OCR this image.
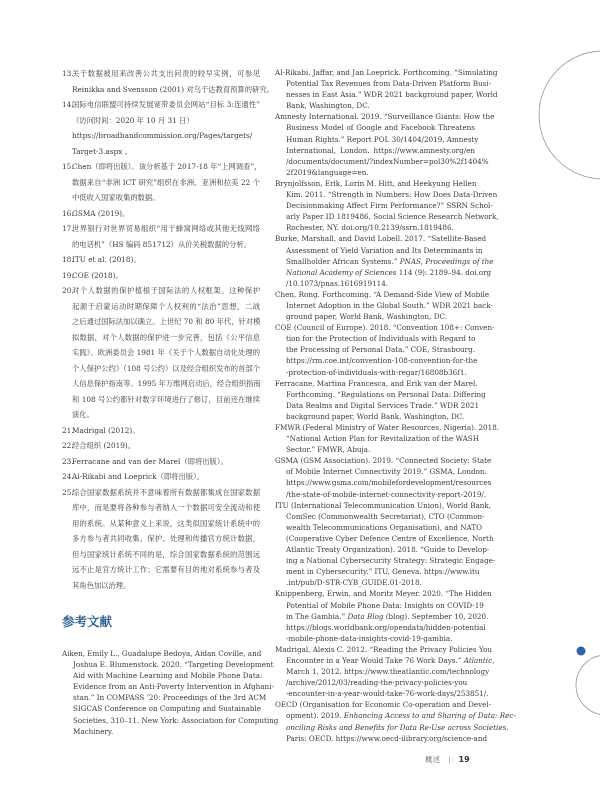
13.
关于数据被用来改善公共支出问责的较早实例，可参见
Reinikka and Svensson (2001) 对乌干达教育预算的研究。
14.
国际电信联盟可持续发展宽带委员会网站“目标 3:连通性”
（访问时间：2020 年 10 月 31 日）
https://broadbandcommission.org/Pages/targets/
Target-3.aspx 。
15.
Chen（即将出版）。该分析基于 2017-18 年“上网调查”，
数据来自“非洲 ICT 研究”组织在非洲、亚洲和拉美 22 个
中低收入国家收集的数据。
16.
GSMA (2019)。
17.
世界银行对世界贸易组织“用于蜂窝网络或其他无线网络
的电话机”（HS 编码 851712）从价关税数据的分析。
18.
ITU et al. (2018)。
19.
COE (2018)。
20.
对个人数据的保护植根于国际法的人权框架。这种保护
起源于启蒙运动时期保障个人权利的“法治”思想，二战
之后通过国际法加以确立。上世纪 70 和 80 年代，针对模
拟数据，对个人数据的保护进一步完善，包括《公平信息
实践》、欧洲委员会 1981 年《关于个人数据自动化处理的
个人保护公约》（108 号公约）以及经合组织发布的首部个
人信息保护指南等。1995 年万维网启动后，经合组织指南
和 108 号公约都针对数字环境进行了修订，目前还在继续
演化。
21.
Madrigal (2012)。
22.
经合组织 (2019)。
23.
Ferracane and van der Marel（即将出版）。
24.
Al-Rikabi and Loeprick（即将出版）。
25.
综合国家数据系统并不意味着所有数据都集成在国家数据
库中，而是要将各种参与者纳入一个数据可安全流动和使
用的系统。从某种意义上来说，这类似国家统计系统中的
多方参与者共同收集、保护、处理和传播官方统计数据，
但与国家统计系统不同的是，综合国家数据系统的范围远
远不止是官方统计工作；它需要有目的地对系统参与者及
其角色加以治理。
参考文献
Aiken, Emily L., Guadalupe Bedoya, Aidan Coville, and
Joshua E. Blumenstock. 2020. “Targeting Development
Aid with Machine Learning and Mobile Phone Data:
Evidence from an Anti-Poverty Intervention in Afghani-
stan.” In COMPASS ’20: Proceedings of the 3rd ACM
SIGCAS Conference on Computing and Sustainable
Societies, 310–11. New York: Association for Computing
Machinery.
Al-Rikabi, Jaffar, and Jan Loeprick. Forthcoming. “Simulating
Potential Tax Revenues from Data-Driven Platform Busi-
nesses in East Asia.” WDR 2021 background paper, World
Bank, Washington, DC.
Amnesty International. 2019. “Surveillance Giants: How the
Business Model of Google and Facebook Threatens
Human Rights.” Report POL 30/1404/2019, Amnesty
International, London. https://www.amnesty.org/en
/documents/document/?indexNumber=pol30%2f1404%
2f2019&language=en.
Brynjolfsson, Erik, Lorin M. Hitt, and Heekyung Hellen
Kim. 2011. “Strength in Numbers: How Does Data-Driven
Decisionmaking Affect Firm Performance?” SSRN Schol-
arly Paper ID 1819486, Social Science Research Network,
Rochester, NY. doi.org/10.2139/ssrn.1819486.
Burke, Marshall, and David Lobell. 2017. “Satellite-Based
Assessment of Yield Variation and Its Determinants in
Smallholder African Systems.” PNAS, Proceedings of the
National Academy of Sciences 114 (9): 2189–94. doi.org
/10.1073/pnas.1616919114.
Chen, Rong. Forthcoming. “A Demand-Side View of Mobile
Internet Adoption in the Global South.” WDR 2021 back-
ground paper, World Bank, Washington, DC.
COE (Council of Europe). 2018. “Convention 108+: Conven-
tion for the Protection of Individuals with Regard to
the Processing of Personal Data.” COE, Strasbourg.
https://rm.coe.int/convention-108-convention-for-the
-protection-of-individuals-with-regar/16808b36f1.
Ferracane, Martina Francesca, and Erik van der Marel.
Forthcoming. “Regulations on Personal Data: Differing
Data Realms and Digital Services Trade.” WDR 2021
background paper, World Bank, Washington, DC.
FMWR (Federal Ministry of Water Resources, Nigeria). 2018.
“National Action Plan for Revitalization of the WASH
Sector.” FMWR, Abuja.
GSMA (GSM Association). 2019. “Connected Society: State
of Mobile Internet Connectivity 2019.” GSMA, London.
https://www.gsma.com/mobilefordevelopment/resources
/the-state-of-mobile-internet-connectivity-report-2019/.
ITU (International Telecommunication Union), World Bank,
ComSec (Commonwealth Secretariat), CTO (Common-
wealth Telecommunications Organisation), and NATO
(Cooperative Cyber Defence Centre of Excellence, North
Atlantic Treaty Organization). 2018. “Guide to Develop-
ing a National Cybersecurity Strategy: Strategic Engage-
ment in Cybersecurity.” ITU, Geneva. https://www.itu
.int/pub/D-STR-CYB_GUIDE.01-2018.
Knippenberg, Erwin, and Moritz Meyer. 2020. “The Hidden
Potential of Mobile Phone Data: Insights on COVID-19
in The Gambia.” Data Blog (blog). September 10, 2020.
https://blogs.worldbank.org/opendata/hidden-potential
-mobile-phone-data-insights-covid-19-gambia.
Madrigal, Alexis C. 2012. “Reading the Privacy Policies You
Encounter in a Year Would Take 76 Work Days.” Atlantic,
March 1, 2012. https://www.theatlantic.com/technology
/archive/2012/03/reading-the-privacy-policies-you
-encounter-in-a-year-would-take-76-work-days/253851/.
OECD (Organisation for Economic Co-operation and Devel-
opment). 2019. Enhancing Access to and Sharing of Data: Rec-
onciling Risks and Benefits for Data Re-Use across Societies.
Paris: OECD. https://www.oecd-ilibrary.org/science-and
概述 | 19
